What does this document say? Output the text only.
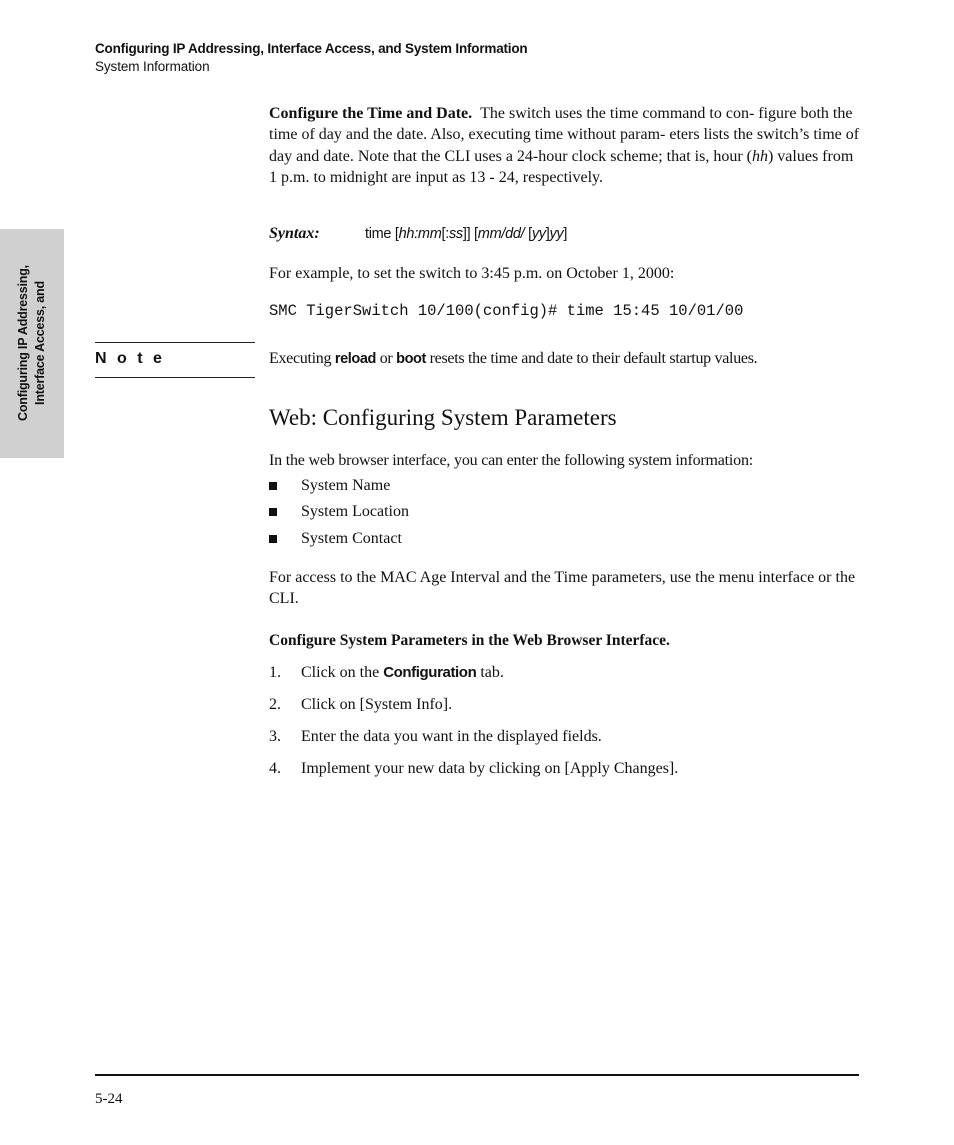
Configuring IP Addressing, Interface Access, and System Information
System Information
Configuring IP Addressing, Interface Access, and

Configure the Time and Date. The switch uses the time command to con- figure both the time of day and the date. Also, executing time without param- eters lists the switch’s time of day and date. Note that the CLI uses a 24-hour clock scheme; that is, hour (hh) values from 1 p.m. to midnight are input as 13 - 24, respectively.

Syntax:	time [hh:mm[:ss]] [mm/dd/ [yy]yy]

For example, to set the switch to 3:45 p.m. on October 1, 2000:

SMC TigerSwitch 10/100(config)# time 15:45 10/01/00
N o t e	Executing reload or boot resets the time and date to their default startup values.
Web: Configuring System Parameters

In the web browser interface, you can enter the following system information:

System Name
System Location
System Contact

For access to the MAC Age Interval and the Time parameters, use the menu interface or the CLI.

Configure System Parameters in the Web Browser Interface.
1. Click on the Configuration tab.
2. Click on [System Info].
3. Enter the data you want in the displayed fields.
4. Implement your new data by clicking on [Apply Changes].
5-24
